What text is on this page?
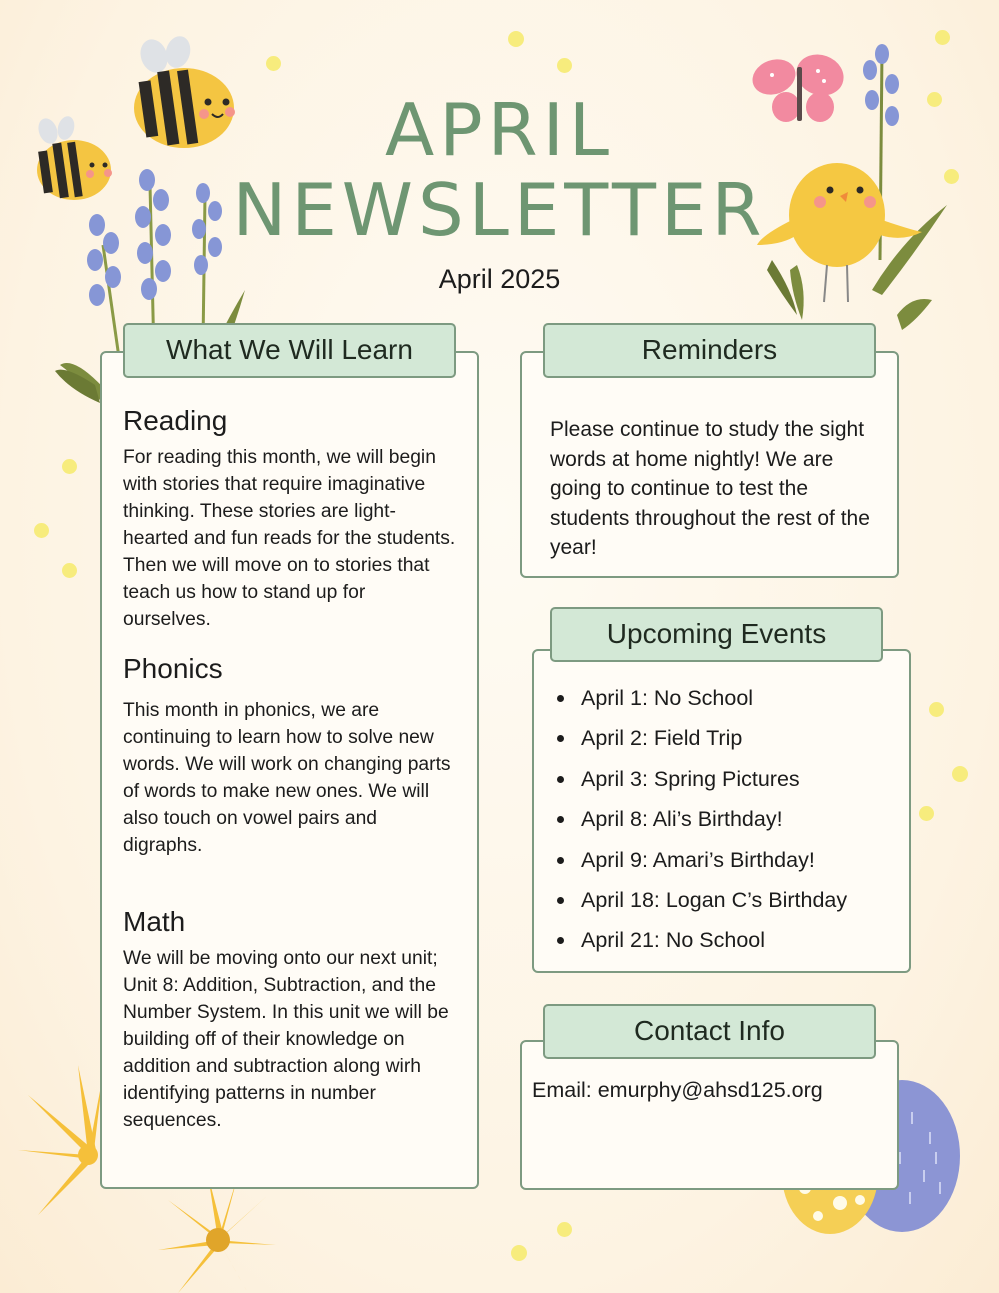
APRIL
NEWSLETTER
April 2025
What We Will Learn
Reading
For reading this month, we will begin with stories that require imaginative thinking. These stories are light-hearted and fun reads for the students. Then we will move on to stories that teach us how to stand up for ourselves.
Phonics
This month in phonics, we are continuing to learn how to solve new words. We will work on changing parts of words to make new ones. We will also touch on vowel pairs and digraphs.
Math
We will be moving onto our next unit; Unit 8: Addition, Subtraction, and the Number System. In this unit we will be building off of their knowledge on addition and subtraction along wirh identifying patterns in number sequences.
Reminders
Please continue to study the sight words at home nightly! We are going to continue to test the students throughout the rest of the year!
Upcoming Events
April 1: No School
April 2: Field Trip
April 3: Spring Pictures
April 8: Ali’s Birthday!
April 9: Amari’s Birthday!
April 18: Logan C’s Birthday
April 21: No School
Contact Info
Email: emurphy@ahsd125.org
